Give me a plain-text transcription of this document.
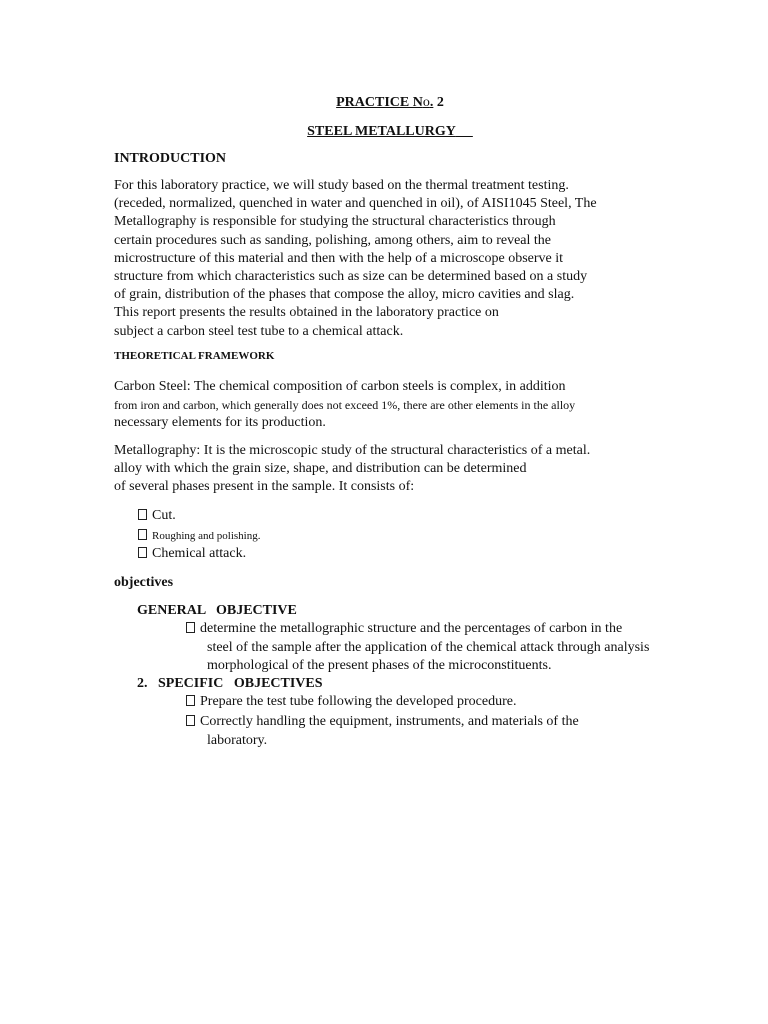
PRACTICE No. 2
STEEL METALLURGY
INTRODUCTION
For this laboratory practice, we will study based on the thermal treatment testing.
(receded, normalized, quenched in water and quenched in oil), of AISI1045 Steel, The
Metallography is responsible for studying the structural characteristics through
certain procedures such as sanding, polishing, among others, aim to reveal the
microstructure of this material and then with the help of a microscope observe it
structure from which characteristics such as size can be determined based on a study
of grain, distribution of the phases that compose the alloy, micro cavities and slag.
This report presents the results obtained in the laboratory practice on
subject a carbon steel test tube to a chemical attack.
THEORETICAL FRAMEWORK
Carbon Steel: The chemical composition of carbon steels is complex, in addition
from iron and carbon, which generally does not exceed 1%, there are other elements in the alloy
necessary elements for its production.
Metallography: It is the microscopic study of the structural characteristics of a metal.
alloy with which the grain size, shape, and distribution can be determined
of several phases present in the sample. It consists of:
Cut.
Roughing and polishing.
Chemical attack.
objectives
GENERAL   OBJECTIVE
determine the metallographic structure and the percentages of carbon in the
steel of the sample after the application of the chemical attack through analysis
morphological of the present phases of the microconstituents.
2.   SPECIFIC   OBJECTIVES
Prepare the test tube following the developed procedure.
Correctly handling the equipment, instruments, and materials of the
laboratory.
